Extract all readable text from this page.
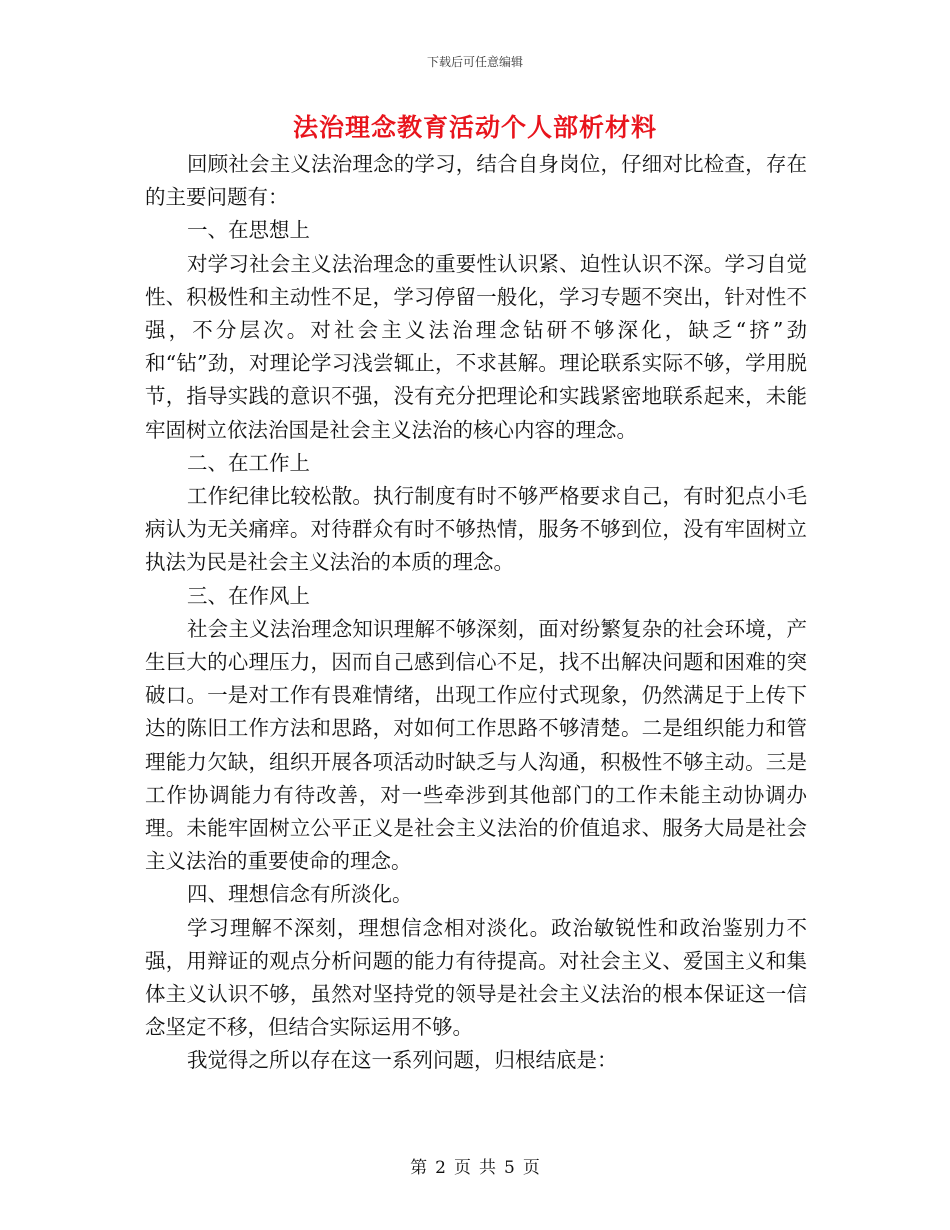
下载后可任意编辑
法治理念教育活动个人部析材料

回顾社会主义法治理念的学习，结合自身岗位，仔细对比检查，存在的主要问题有：

一、在思想上

对学习社会主义法治理念的重要性认识紧、迫性认识不深。学习自觉性、积极性和主动性不足，学习停留一般化，学习专题不突出，针对性不强，不分层次。对社会主义法治理念钻研不够深化，缺乏“挤”劲和“钻”劲，对理论学习浅尝辄止，不求甚解。理论联系实际不够，学用脱节，指导实践的意识不强，没有充分把理论和实践紧密地联系起来，未能牢固树立依法治国是社会主义法治的核心内容的理念。

二、在工作上

工作纪律比较松散。执行制度有时不够严格要求自己，有时犯点小毛病认为无关痛痒。对待群众有时不够热情，服务不够到位，没有牢固树立执法为民是社会主义法治的本质的理念。

三、在作风上

社会主义法治理念知识理解不够深刻，面对纷繁复杂的社会环境，产生巨大的心理压力，因而自己感到信心不足，找不出解决问题和困难的突破口。一是对工作有畏难情绪，出现工作应付式现象，仍然满足于上传下达的陈旧工作方法和思路，对如何工作思路不够清楚。二是组织能力和管理能力欠缺，组织开展各项活动时缺乏与人沟通，积极性不够主动。三是工作协调能力有待改善，对一些牵涉到其他部门的工作未能主动协调办理。未能牢固树立公平正义是社会主义法治的价值追求、服务大局是社会主义法治的重要使命的理念。

四、理想信念有所淡化。

学习理解不深刻，理想信念相对淡化。政治敏锐性和政治鉴别力不强，用辩证的观点分析问题的能力有待提高。对社会主义、爱国主义和集体主义认识不够，虽然对坚持党的领导是社会主义法治的根本保证这一信念坚定不移，但结合实际运用不够。

我觉得之所以存在这一系列问题，归根结底是：

第 2 页 共 5 页
